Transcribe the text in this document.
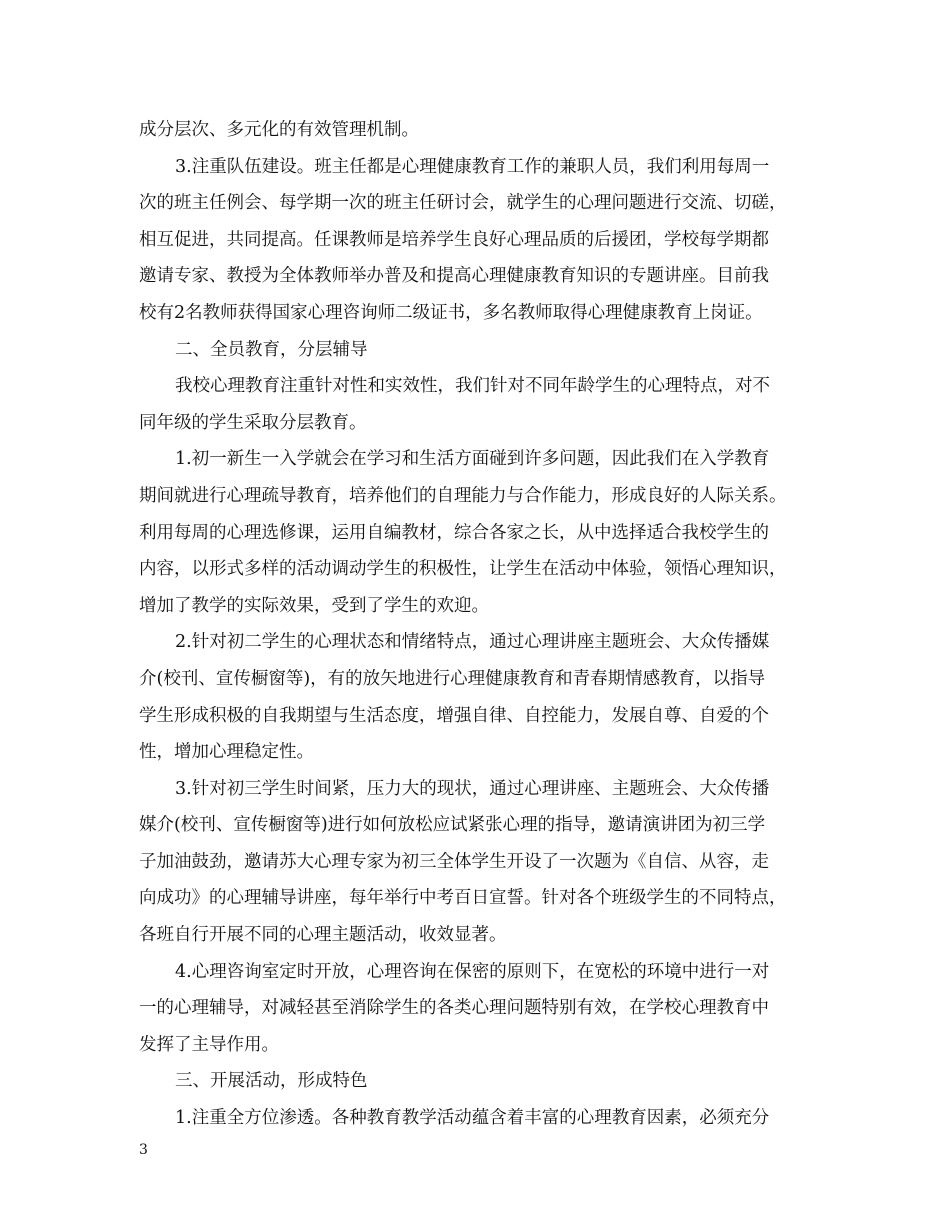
成分层次、多元化的有效管理机制。
3.注重队伍建设。班主任都是心理健康教育工作的兼职人员，我们利用每周一
次的班主任例会、每学期一次的班主任研讨会，就学生的心理问题进行交流、切磋，
相互促进，共同提高。任课教师是培养学生良好心理品质的后援团，学校每学期都
邀请专家、教授为全体教师举办普及和提高心理健康教育知识的专题讲座。目前我
校有2名教师获得国家心理咨询师二级证书，多名教师取得心理健康教育上岗证。
二、全员教育，分层辅导
我校心理教育注重针对性和实效性，我们针对不同年龄学生的心理特点，对不
同年级的学生采取分层教育。
1.初一新生一入学就会在学习和生活方面碰到许多问题，因此我们在入学教育
期间就进行心理疏导教育，培养他们的自理能力与合作能力，形成良好的人际关系。
利用每周的心理选修课，运用自编教材，综合各家之长，从中选择适合我校学生的
内容，以形式多样的活动调动学生的积极性，让学生在活动中体验，领悟心理知识，
增加了教学的实际效果，受到了学生的欢迎。
2.针对初二学生的心理状态和情绪特点，通过心理讲座主题班会、大众传播媒
介(校刊、宣传橱窗等)，有的放矢地进行心理健康教育和青春期情感教育，以指导
学生形成积极的自我期望与生活态度，增强自律、自控能力，发展自尊、自爱的个
性，增加心理稳定性。
3.针对初三学生时间紧，压力大的现状，通过心理讲座、主题班会、大众传播
媒介(校刊、宣传橱窗等)进行如何放松应试紧张心理的指导，邀请演讲团为初三学
子加油鼓劲，邀请苏大心理专家为初三全体学生开设了一次题为《自信、从容，走
向成功》的心理辅导讲座，每年举行中考百日宣誓。针对各个班级学生的不同特点，
各班自行开展不同的心理主题活动，收效显著。
4.心理咨询室定时开放，心理咨询在保密的原则下，在宽松的环境中进行一对
一的心理辅导，对减轻甚至消除学生的各类心理问题特别有效，在学校心理教育中
发挥了主导作用。
三、开展活动，形成特色
1.注重全方位渗透。各种教育教学活动蕴含着丰富的心理教育因素，必须充分
3
